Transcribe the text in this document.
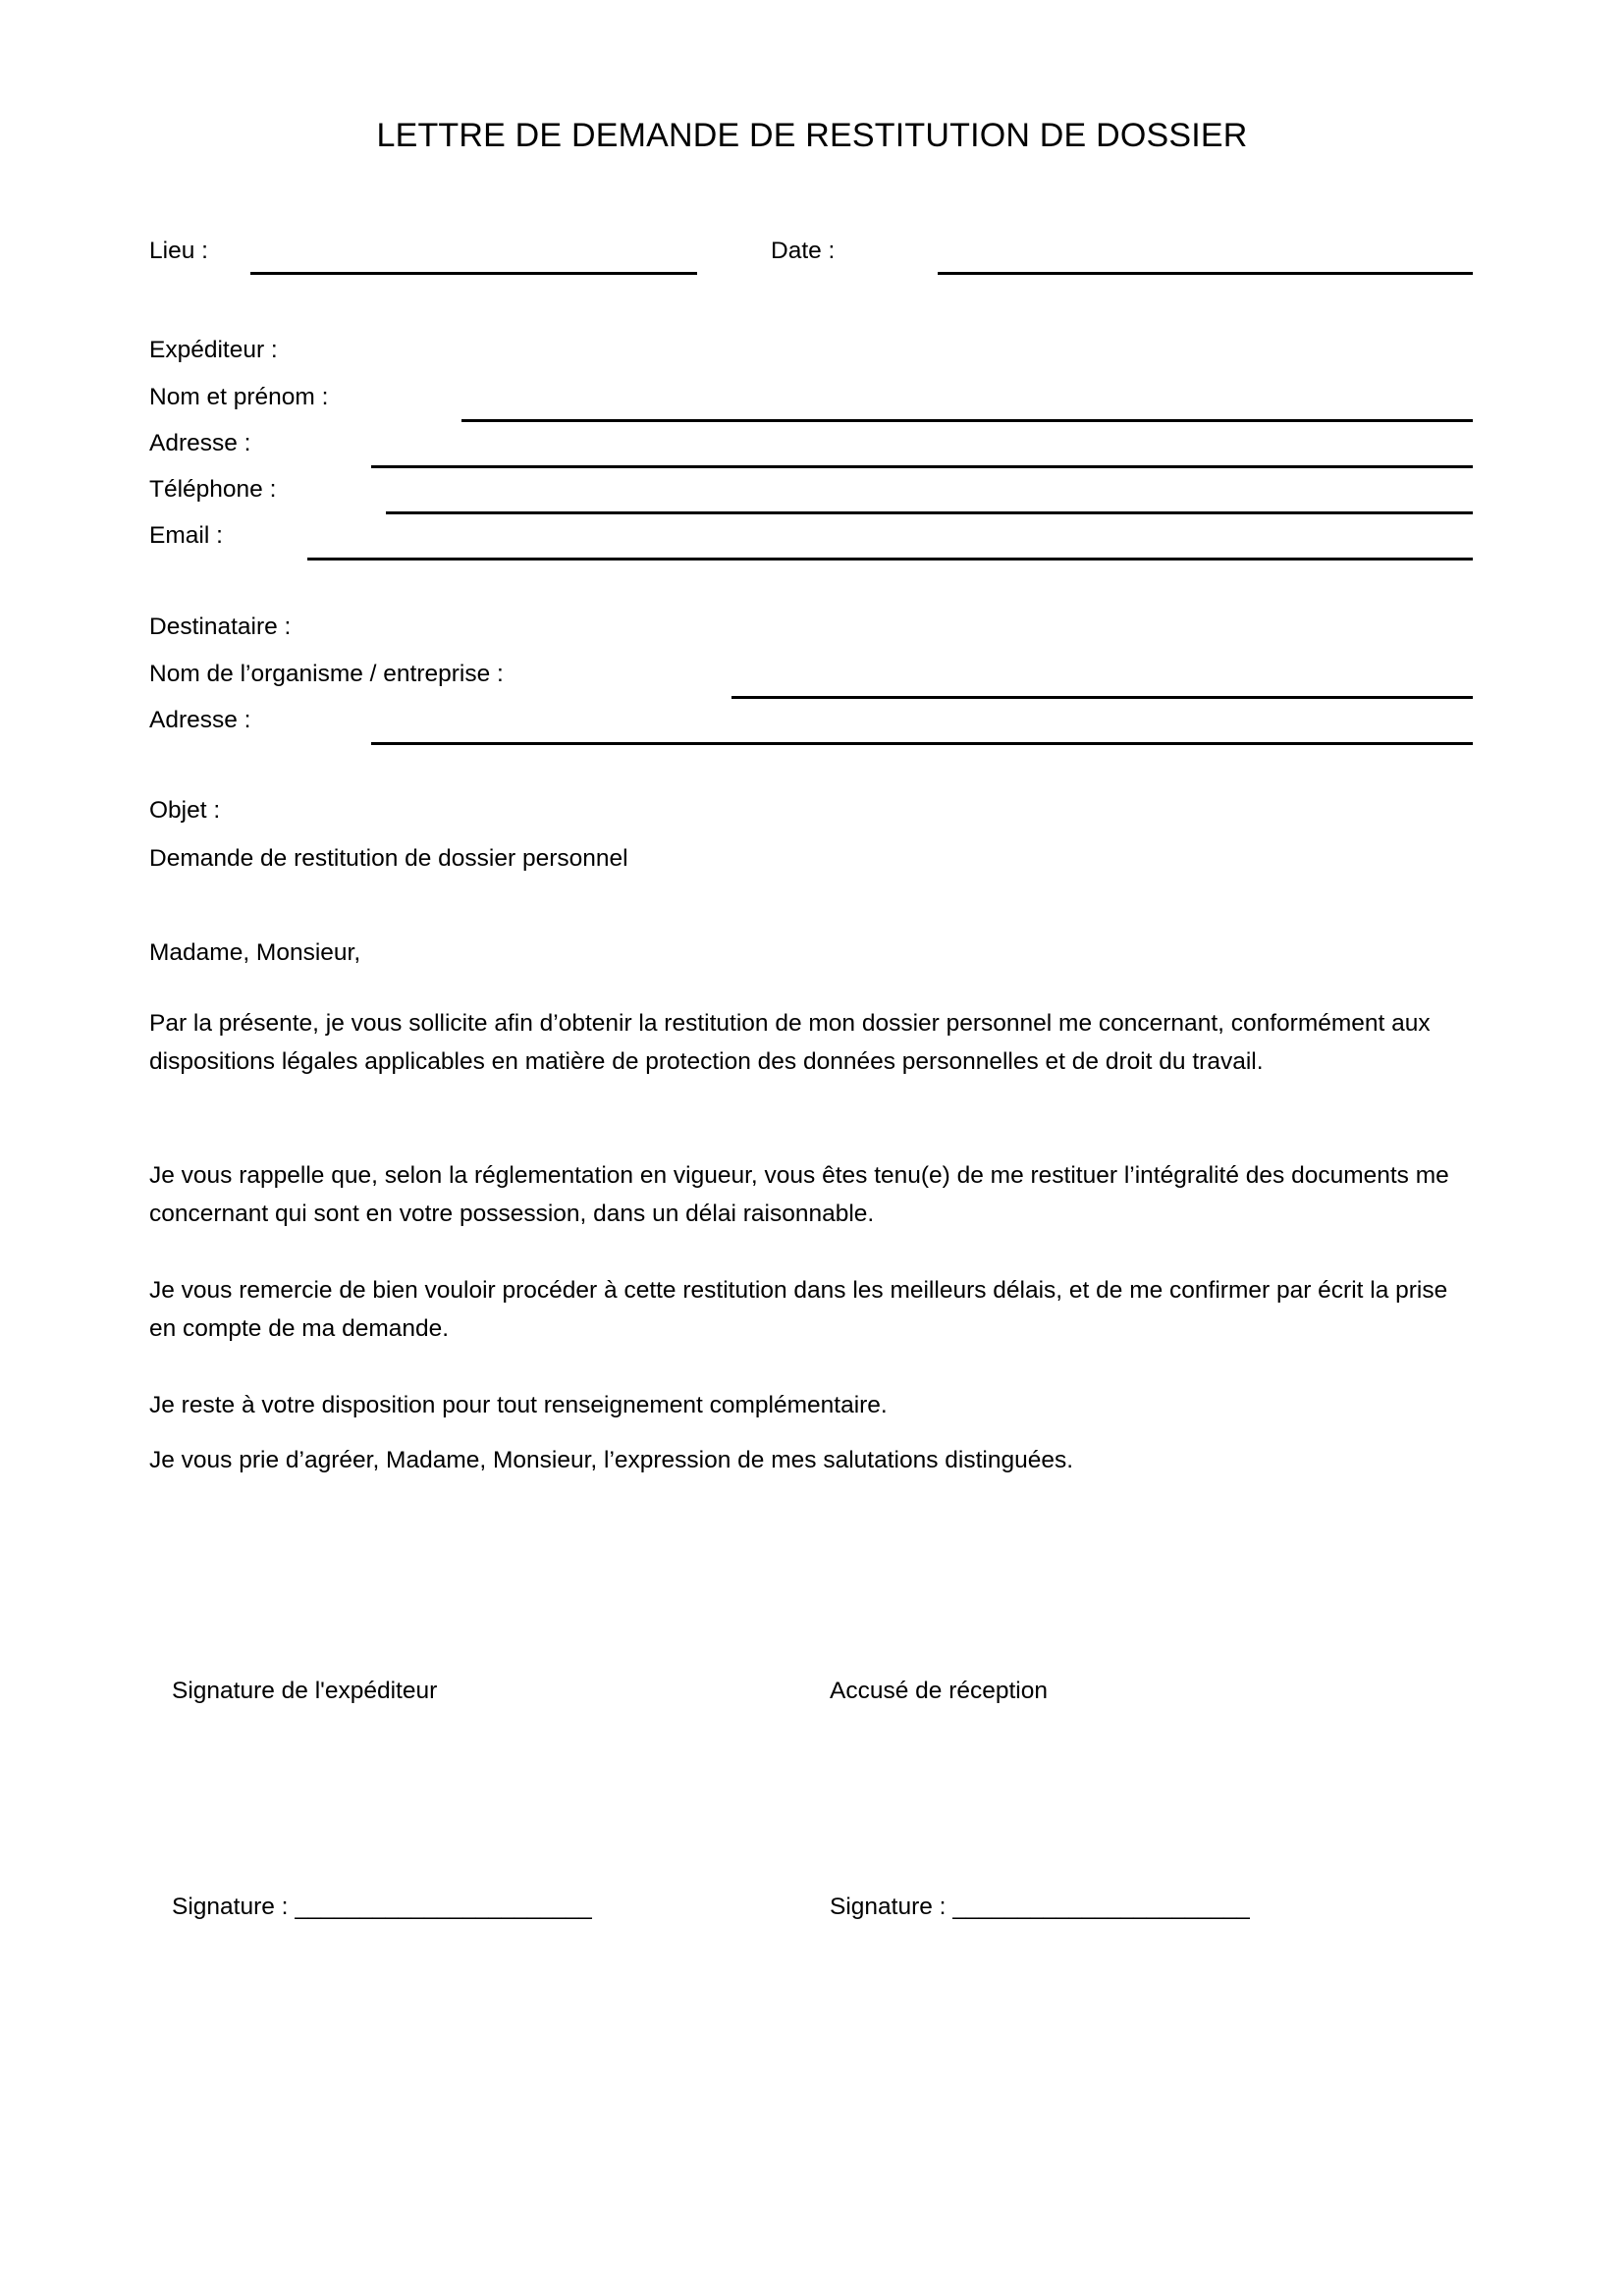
LETTRE DE DEMANDE DE RESTITUTION DE DOSSIER
Lieu :	Date :
Expéditeur :
Nom et prénom :
Adresse :
Téléphone :
Email :
Destinataire :
Nom de l’organisme / entreprise :
Adresse :
Objet :
Demande de restitution de dossier personnel
Madame, Monsieur,
Par la présente, je vous sollicite afin d’obtenir la restitution de mon dossier personnel me concernant, conformément aux dispositions légales applicables en matière de protection des données personnelles et de droit du travail.
Je vous rappelle que, selon la réglementation en vigueur, vous êtes tenu(e) de me restituer l’intégralité des documents me concernant qui sont en votre possession, dans un délai raisonnable.
Je vous remercie de bien vouloir procéder à cette restitution dans les meilleurs délais, et de me confirmer par écrit la prise en compte de ma demande.
Je reste à votre disposition pour tout renseignement complémentaire.
Je vous prie d’agréer, Madame, Monsieur, l’expression de mes salutations distinguées.
Signature de l'expéditeur	Accusé de réception
Signature : _______________________	Signature : _______________________
